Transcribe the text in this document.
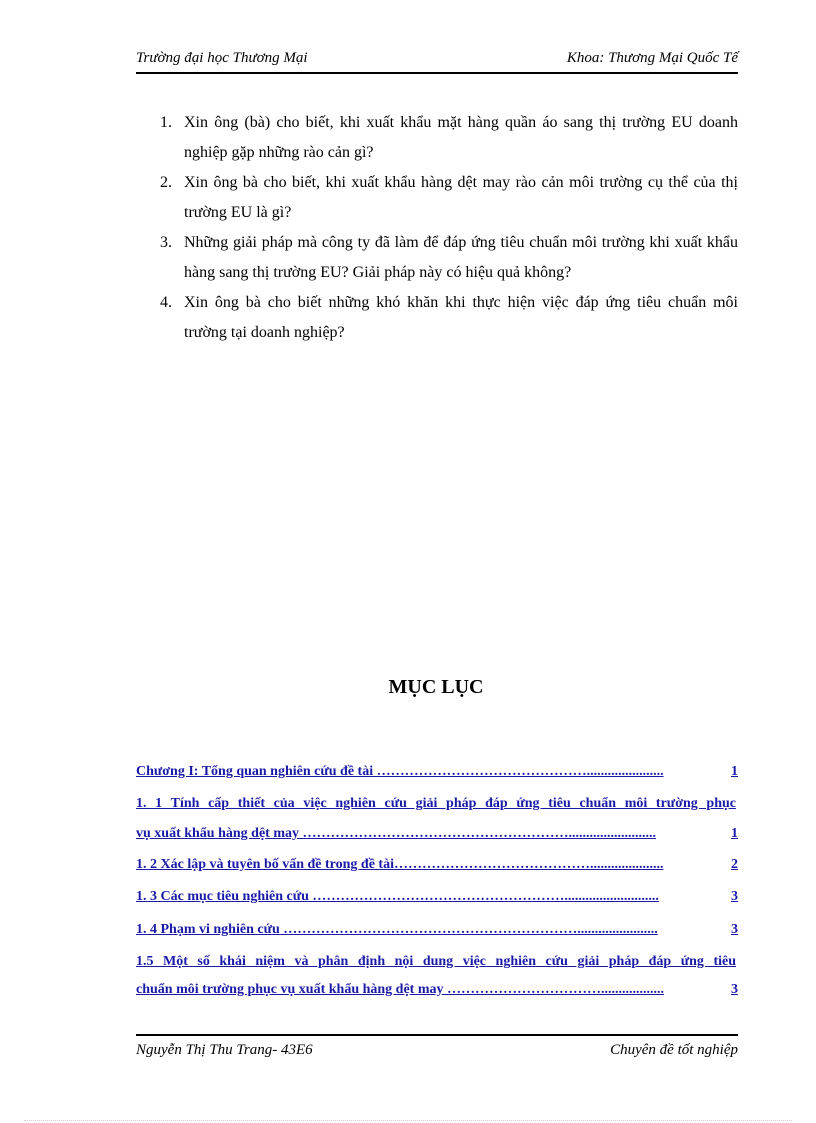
Trường đại học Thương Mại	Khoa: Thương Mại Quốc Tế
1. Xin ông (bà) cho biết, khi xuất khẩu mặt hàng quần áo sang thị trường EU doanh nghiệp gặp những rào cản gì?
2. Xin ông bà cho biết, khi xuất khẩu hàng dệt may rào cản môi trường cụ thể của thị trường EU là gì?
3. Những giải pháp mà công ty đã làm để đáp ứng tiêu chuẩn môi trường khi xuất khẩu hàng sang thị trường EU? Giải pháp này có hiệu quả không?
4. Xin ông bà cho biết những khó khăn khi thực hiện việc đáp ứng tiêu chuẩn môi trường tại doanh nghiệp?
MỤC LỤC
Chương I: Tổng quan nghiên cứu đề tài ………………………………………......................	1
1. 1 Tính cấp thiết của việc nghiên cứu giải pháp đáp ứng tiêu chuẩn môi trường phục
vụ xuất khẩu hàng dệt may ………………………………………………….........................	1
1. 2 Xác lập và tuyên bố vấn đề trong đề tài…………………………………….....................	2
1. 3 Các mục tiêu nghiên cứu ………………………………………………...........................	3
1. 4 Phạm vi nghiên cứu ……………………………………………………….......................	3
1.5 Một số khái niệm và phân định nội dung việc nghiên cứu giải pháp đáp ứng tiêu
chuẩn môi trường phục vụ xuất khẩu hàng dệt may ……………………………..................	3
Nguyễn Thị Thu Trang- 43E6	Chuyên đề tốt nghiệp
